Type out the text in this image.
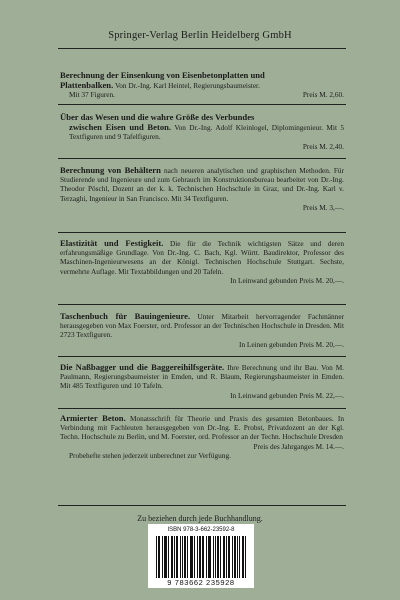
Springer-Verlag Berlin Heidelberg GmbH
Berechnung der Einsenkung von Eisenbetonplatten und
Plattenbalken. Von Dr.-Ing. Karl Heintel, Regierungsbaumeister.
Mit 37 Figuren.	Preis M. 2,60.
Über das Wesen und die wahre Größe des Verbundes
zwischen Eisen und Beton. Von Dr.-Ing. Adolf Kleinlogel, Diplomingenieur. Mit 5 Textfiguren und 9 Tafelfiguren.
Preis M. 2,40.
Berechnung von Behältern nach neueren analytischen und graphischen Methoden. Für Studierende und Ingenieure und zum Gebrauch im Konstruktionsbureau bearbeitet von Dr.-Ing. Theodor Pöschl, Dozent an der k. k. Technischen Hochschule in Graz, und Dr.-Ing. Karl v. Terzaghi, Ingenieur in San Francisco. Mit 34 Textfiguren.
Preis M. 3,—.
Elastizität und Festigkeit. Die für die Technik wichtigsten Sätze und deren erfahrungsmäßige Grundlage. Von Dr.-Ing. C. Bach, Kgl. Württ. Baudirektor, Professor des Maschinen-Ingenieurwesens an der Königl. Technischen Hochschule Stuttgart. Sechste, vermehrte Auflage. Mit Textabbildungen und 20 Tafeln.
In Leinwand gebunden Preis M. 20,—.
Taschenbuch für Bauingenieure. Unter Mitarbeit hervorragender Fachmänner herausgegeben von Max Foerster, ord. Professor an der Technischen Hochschule in Dresden. Mit 2723 Textfiguren.
In Leinen gebunden Preis M. 20,—.
Die Naßbagger und die Baggereihilfsgeräte. Ihre Berechnung und ihr Bau. Von M. Paulmann, Regierungsbaumeister in Emden, und R. Blaum, Regierungsbaumeister in Emden. Mit 485 Textfiguren und 10 Tafeln.
In Leinwand gebunden Preis M. 22,—.
Armierter Beton. Monatsschrift für Theorie und Praxis des gesamten Betonbaues. In Verbindung mit Fachleuten herausgegeben von Dr.-Ing. E. Probst, Privatdozent an der Kgl. Techn. Hochschule zu Berlin, und M. Foerster, ord. Professor an der Techn. Hochschule Dresden
Preis des Jahrganges M. 14.—.
Probehefte stehen jederzeit unberechnet zur Verfügung.
Zu beziehen durch jede Buchhandlung.
ISBN 978-3-662-23592-8
9 783662 235928
